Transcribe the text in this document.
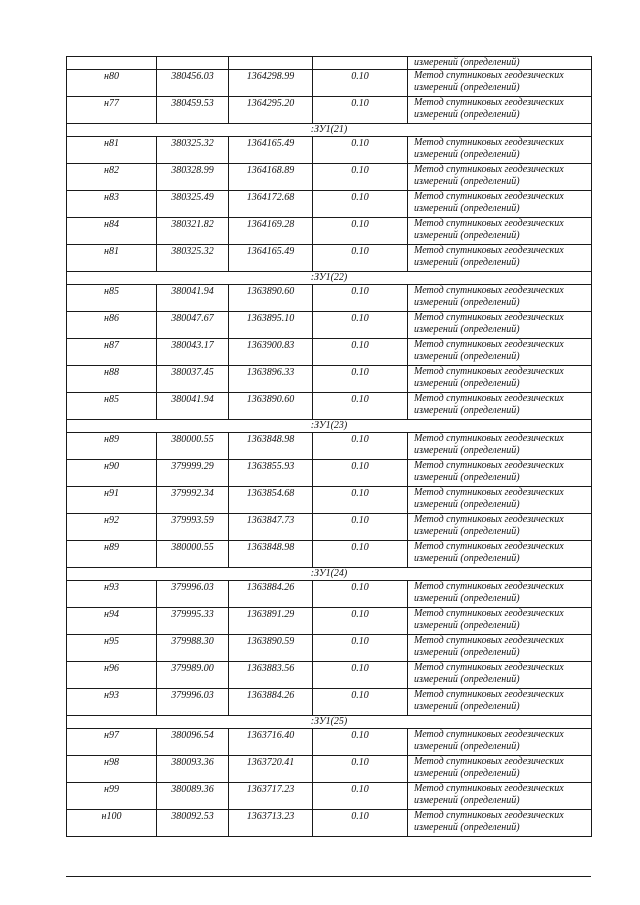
				измерений (определений)
н80	380456.03	1364298.99	0.10	Метод спутниковых геодезических
измерений (определений)

н77	380459.53	1364295.20	0.10	Метод спутниковых геодезических
измерений (определений)

:ЗУ1(21)				
н81	380325.32	1364165.49	0.10	Метод спутниковых геодезических
измерений (определений)

н82	380328.99	1364168.89	0.10	Метод спутниковых геодезических
измерений (определений)

н83	380325.49	1364172.68	0.10	Метод спутниковых геодезических
измерений (определений)

н84	380321.82	1364169.28	0.10	Метод спутниковых геодезических
измерений (определений)

н81	380325.32	1364165.49	0.10	Метод спутниковых геодезических
измерений (определений)

:ЗУ1(22)				
н85	380041.94	1363890.60	0.10	Метод спутниковых геодезических
измерений (определений)

н86	380047.67	1363895.10	0.10	Метод спутниковых геодезических
измерений (определений)

н87	380043.17	1363900.83	0.10	Метод спутниковых геодезических
измерений (определений)

н88	380037.45	1363896.33	0.10	Метод спутниковых геодезических
измерений (определений)

н85	380041.94	1363890.60	0.10	Метод спутниковых геодезических
измерений (определений)

:ЗУ1(23)				
н89	380000.55	1363848.98	0.10	Метод спутниковых геодезических
измерений (определений)

н90	379999.29	1363855.93	0.10	Метод спутниковых геодезических
измерений (определений)

н91	379992.34	1363854.68	0.10	Метод спутниковых геодезических
измерений (определений)

н92	379993.59	1363847.73	0.10	Метод спутниковых геодезических
измерений (определений)

н89	380000.55	1363848.98	0.10	Метод спутниковых геодезических
измерений (определений)

:ЗУ1(24)				
н93	379996.03	1363884.26	0.10	Метод спутниковых геодезических
измерений (определений)

н94	379995.33	1363891.29	0.10	Метод спутниковых геодезических
измерений (определений)

н95	379988.30	1363890.59	0.10	Метод спутниковых геодезических
измерений (определений)

н96	379989.00	1363883.56	0.10	Метод спутниковых геодезических
измерений (определений)

н93	379996.03	1363884.26	0.10	Метод спутниковых геодезических
измерений (определений)

:ЗУ1(25)				
н97	380096.54	1363716.40	0.10	Метод спутниковых геодезических
измерений (определений)

н98	380093.36	1363720.41	0.10	Метод спутниковых геодезических
измерений (определений)

н99	380089.36	1363717.23	0.10	Метод спутниковых геодезических
измерений (определений)

н100	380092.53	1363713.23	0.10	Метод спутниковых геодезических
измерений (определений)
